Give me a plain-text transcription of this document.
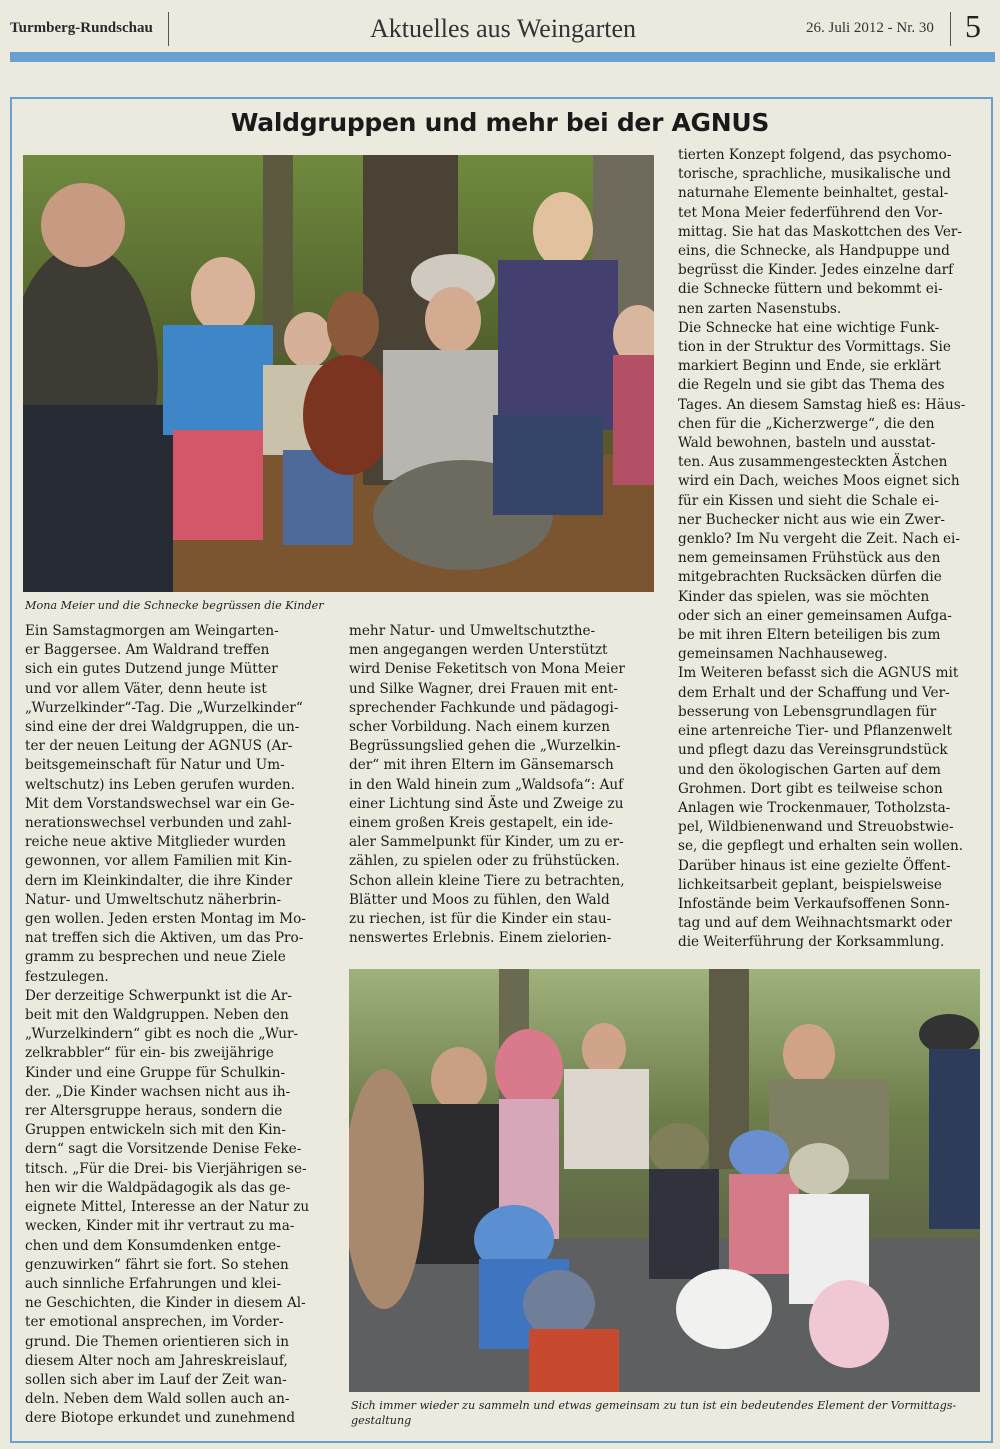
Turmberg-Rundschau	Aktuelles aus Weingarten	26. Juli 2012 - Nr. 30 5
Waldgruppen und mehr bei der AGNUS
Mona Meier und die Schnecke begrüssen die Kinder

Ein Samstagmorgen am Weingarten-
er Baggersee. Am Waldrand treffen
sich ein gutes Dutzend junge Mütter
und vor allem Väter, denn heute ist
„Wurzelkinder“-Tag. Die „Wurzelkinder“
sind eine der drei Waldgruppen, die un-
ter der neuen Leitung der AGNUS (Ar-
beitsgemeinschaft für Natur und Um-
weltschutz) ins Leben gerufen wurden.
Mit dem Vorstandswechsel war ein Ge-
nerationswechsel verbunden und zahl-
reiche neue aktive Mitglieder wurden
gewonnen, vor allem Familien mit Kin-
dern im Kleinkindalter, die ihre Kinder
Natur- und Umweltschutz näherbrin-
gen wollen. Jeden ersten Montag im Mo-
nat treffen sich die Aktiven, um das Pro-
gramm zu besprechen und neue Ziele
festzulegen.
Der derzeitige Schwerpunkt ist die Ar-
beit mit den Waldgruppen. Neben den
„Wurzelkindern“ gibt es noch die „Wur-
zelkrabbler“ für ein- bis zweijährige
Kinder und eine Gruppe für Schulkin-
der. „Die Kinder wachsen nicht aus ih-
rer Altersgruppe heraus, sondern die
Gruppen entwickeln sich mit den Kin-
dern“ sagt die Vorsitzende Denise Feke-
titsch. „Für die Drei- bis Vierjährigen se-
hen wir die Waldpädagogik als das ge-
eignete Mittel, Interesse an der Natur zu
wecken, Kinder mit ihr vertraut zu ma-
chen und dem Konsumdenken entge-
genzuwirken“ fährt sie fort. So stehen
auch sinnliche Erfahrungen und klei-
ne Geschichten, die Kinder in diesem Al-
ter emotional ansprechen, im Vorder-
grund. Die Themen orientieren sich in
diesem Alter noch am Jahreskreislauf,
sollen sich aber im Lauf der Zeit wan-
deln. Neben dem Wald sollen auch an-
dere Biotope erkundet und zunehmend

mehr Natur- und Umweltschutzthe-
men angegangen werden Unterstützt
wird Denise Feketitsch von Mona Meier
und Silke Wagner, drei Frauen mit ent-
sprechender Fachkunde und pädagogi-
scher Vorbildung. Nach einem kurzen
Begrüssungslied gehen die „Wurzelkin-
der“ mit ihren Eltern im Gänsemarsch
in den Wald hinein zum „Waldsofa“: Auf
einer Lichtung sind Äste und Zweige zu
einem großen Kreis gestapelt, ein ide-
aler Sammelpunkt für Kinder, um zu er-
zählen, zu spielen oder zu frühstücken.
Schon allein kleine Tiere zu betrachten,
Blätter und Moos zu fühlen, den Wald
zu riechen, ist für die Kinder ein stau-
nenswertes Erlebnis. Einem zielorien-

tierten Konzept folgend, das psychomo-
torische, sprachliche, musikalische und
naturnahe Elemente beinhaltet, gestal-
tet Mona Meier federführend den Vor-
mittag. Sie hat das Maskottchen des Ver-
eins, die Schnecke, als Handpuppe und
begrüsst die Kinder. Jedes einzelne darf
die Schnecke füttern und bekommt ei-
nen zarten Nasenstubs.
Die Schnecke hat eine wichtige Funk-
tion in der Struktur des Vormittags. Sie
markiert Beginn und Ende, sie erklärt
die Regeln und sie gibt das Thema des
Tages. An diesem Samstag hieß es: Häus-
chen für die „Kicherzwerge“, die den
Wald bewohnen, basteln und ausstat-
ten. Aus zusammengesteckten Ästchen
wird ein Dach, weiches Moos eignet sich
für ein Kissen und sieht die Schale ei-
ner Buchecker nicht aus wie ein Zwer-
genklo? Im Nu vergeht die Zeit. Nach ei-
nem gemeinsamen Frühstück aus den
mitgebrachten Rucksäcken dürfen die
Kinder das spielen, was sie möchten
oder sich an einer gemeinsamen Aufga-
be mit ihren Eltern beteiligen bis zum
gemeinsamen Nachhauseweg.
Im Weiteren befasst sich die AGNUS mit
dem Erhalt und der Schaffung und Ver-
besserung von Lebensgrundlagen für
eine artenreiche Tier- und Pflanzenwelt
und pflegt dazu das Vereinsgrundstück
und den ökologischen Garten auf dem
Grohmen. Dort gibt es teilweise schon
Anlagen wie Trockenmauer, Totholzsta-
pel, Wildbienenwand und Streuobstwie-
se, die gepflegt und erhalten sein wollen.
Darüber hinaus ist eine gezielte Öffent-
lichkeitsarbeit geplant, beispielsweise
Infostände beim Verkaufsoffenen Sonn-
tag und auf dem Weihnachtsmarkt oder
die Weiterführung der Korksammlung.

Sich immer wieder zu sammeln und etwas gemeinsam zu tun ist ein bedeutendes Element der Vormittags-
gestaltung
